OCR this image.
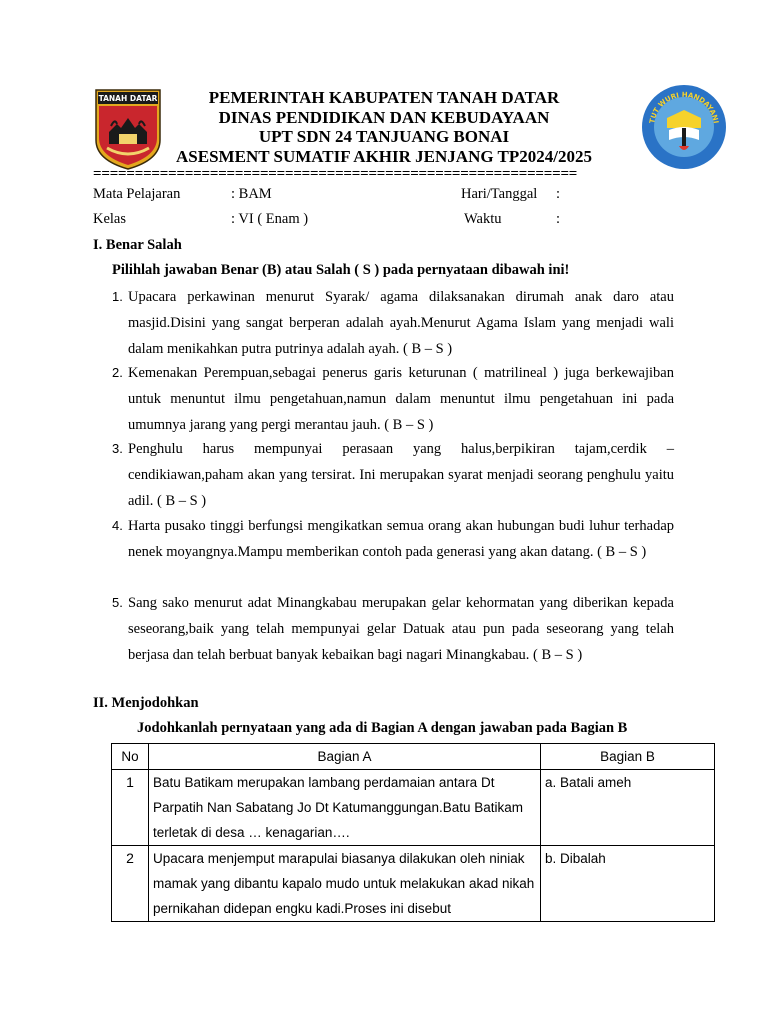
TANAH DATAR
TUT WURI HANDAYANI
PEMERINTAH KABUPATEN TANAH DATAR
DINAS PENDIDIKAN DAN KEBUDAYAAN
UPT SDN 24 TANJUANG BONAI
ASESMENT SUMATIF AKHIR JENJANG TP2024/2025
==========================================================
Mata Pelajaran	: BAM	Hari/Tanggal :
Kelas	: VI ( Enam )	Waktu	:
I. Benar Salah
Pilihlah jawaban Benar (B) atau Salah ( S ) pada pernyataan dibawah ini!
1. Upacara perkawinan menurut Syarak/ agama dilaksanakan dirumah anak daro atau masjid.Disini yang sangat berperan adalah ayah.Menurut Agama Islam yang menjadi wali dalam menikahkan putra putrinya adalah ayah. ( B – S )
2. Kemenakan Perempuan,sebagai penerus garis keturunan ( matrilineal ) juga berkewajiban untuk menuntut ilmu pengetahuan,namun dalam menuntut ilmu pengetahuan ini pada umumnya jarang yang pergi merantau jauh. ( B – S )
3. Penghulu harus mempunyai perasaan yang halus,berpikiran tajam,cerdik – cendikiawan,paham akan yang tersirat. Ini merupakan syarat menjadi seorang penghulu yaitu adil. ( B – S )
4. Harta pusako tinggi berfungsi mengikatkan semua orang akan hubungan budi luhur terhadap nenek moyangnya.Mampu memberikan contoh pada generasi yang akan datang. ( B – S )
5. Sang sako menurut adat Minangkabau merupakan gelar kehormatan yang diberikan kepada seseorang,baik yang telah mempunyai gelar Datuak atau pun pada seseorang yang telah berjasa dan telah berbuat banyak kebaikan bagi nagari Minangkabau. ( B – S )
II. Menjodohkan
Jodohkanlah pernyataan yang ada di Bagian A dengan jawaban pada Bagian B
No	Bagian A	Bagian B
1	Batu Batikam merupakan lambang perdamaian antara Dt Parpatih Nan Sabatang Jo Dt Katumanggungan.Batu Batikam terletak di desa … kenagarian….	a. Batali ameh
2	Upacara menjemput marapulai biasanya dilakukan oleh niniak mamak yang dibantu kapalo mudo untuk melakukan akad nikah pernikahan didepan engku kadi.Proses ini disebut	b. Dibalah
